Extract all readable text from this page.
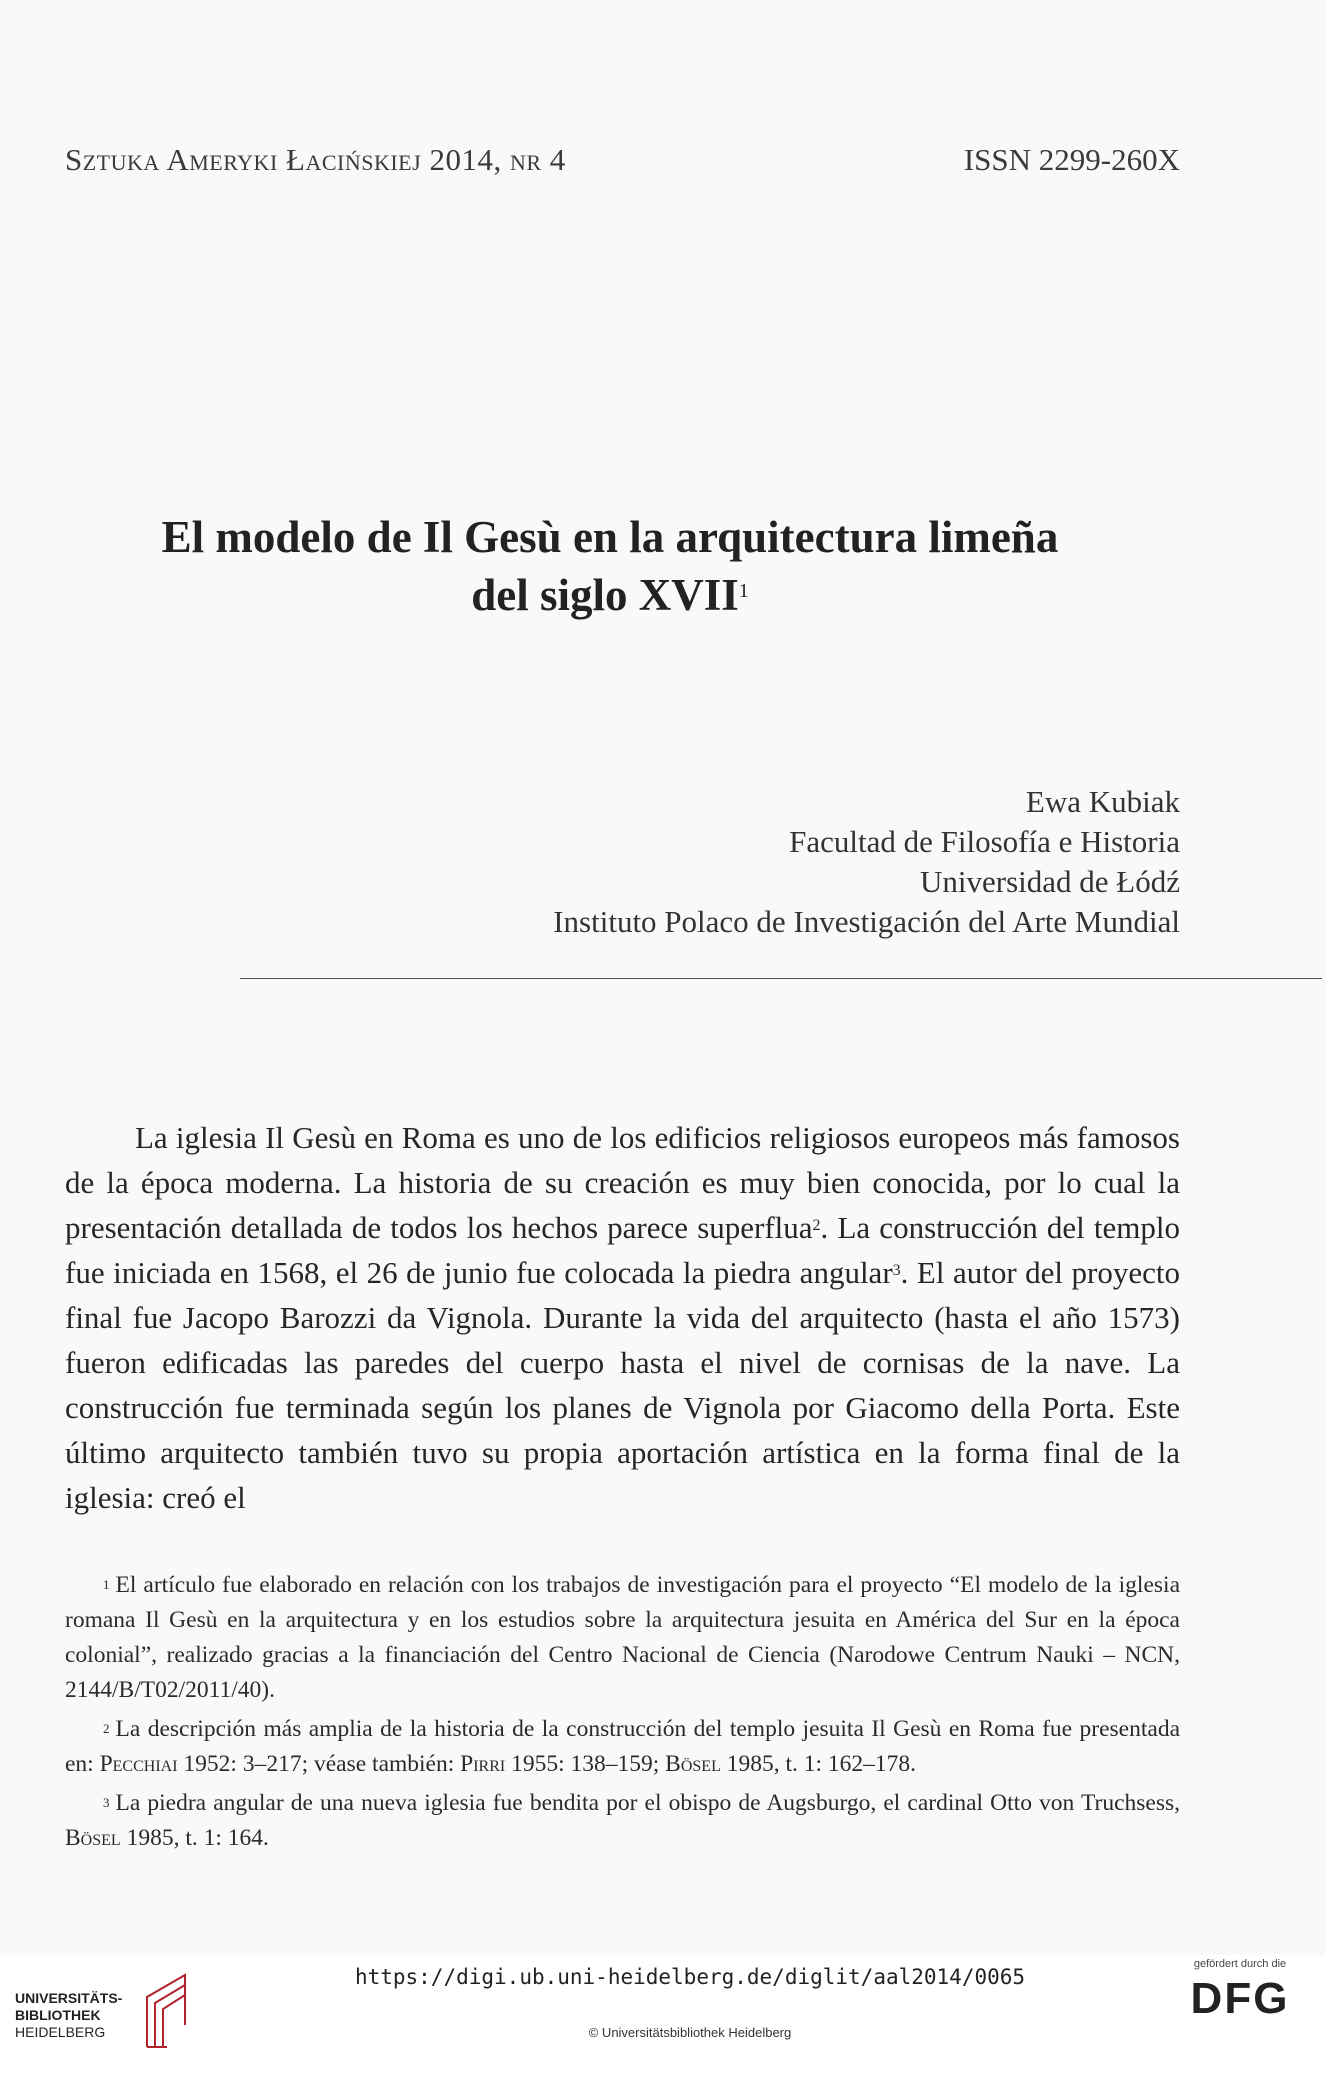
Sztuka Ameryki Łacińskiej 2014, nr 4	ISSN 2299-260X
El modelo de Il Gesù en la arquitectura limeña
del siglo XVII$^1$
Ewa Kubiak
Facultad de Filosofía e Historia
Universidad de Łódź
Instituto Polaco de Investigación del Arte Mundial

La iglesia Il Gesù en Roma es uno de los edificios religiosos europeos más famosos de la época moderna. La historia de su creación es muy bien conocida, por lo cual la presentación detallada de todos los hechos parece superflua$^2$. La construcción del templo fue iniciada en 1568, el 26 de junio fue colocada la piedra angular$^3$. El autor del proyecto final fue Jacopo Barozzi da Vignola. Durante la vida del arquitecto (hasta el año 1573) fueron edificadas las paredes del cuerpo hasta el nivel de cornisas de la nave. La construcción fue terminada según los planes de Vignola por Giacomo della Porta. Este último arquitecto también tuvo su propia aportación artística en la forma final de la iglesia: creó el

$^1$ El artículo fue elaborado en relación con los trabajos de investigación para el proyecto “El modelo de la iglesia romana Il Gesù en la arquitectura y en los estudios sobre la arquitectura jesuita en América del Sur en la época colonial”, realizado gracias a la financiación del Centro Nacional de Ciencia (Narodowe Centrum Nauki – NCN, 2144/B/T02/2011/40).

$^2$ La descripción más amplia de la historia de la construcción del templo jesuita Il Gesù en Roma fue presentada en: Pecchiai 1952: 3–217; véase también: Pirri 1955: 138–159; Bösel 1985, t. 1: 162–178.

$^3$ La piedra angular de una nueva iglesia fue bendita por el obispo de Augsburgo, el cardinal Otto von Truchsess, Bösel 1985, t. 1: 164.

UNIVERSITÄTS-
BIBLIOTHEK
HEIDELBERG
https://digi.ub.uni-heidelberg.de/diglit/aal2014/0065
© Universitätsbibliothek Heidelberg
gefördert durch die
DFG
